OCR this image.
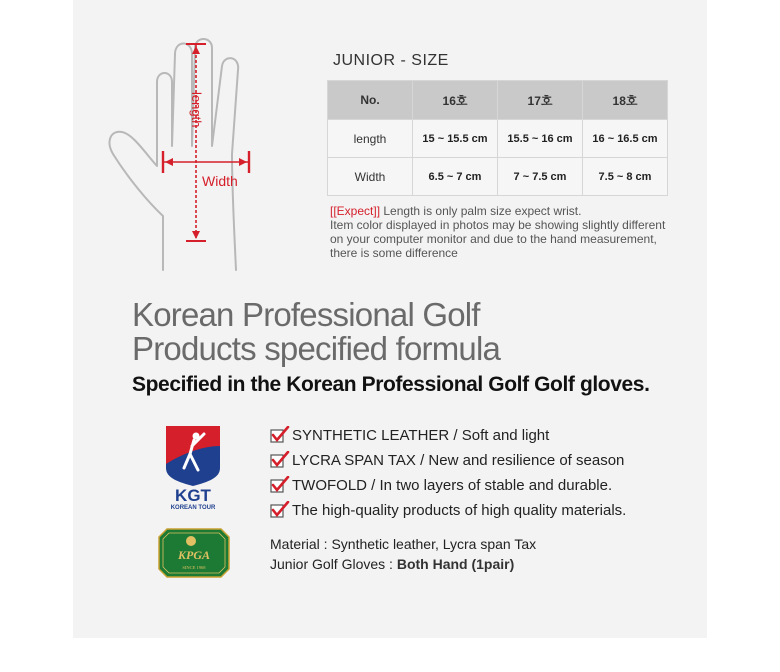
length
Width
JUNIOR - SIZE
No.	16호	17호	18호
length	15 ~ 15.5 cm	15.5 ~ 16 cm	16 ~ 16.5 cm
Width	6.5 ~ 7 cm	7 ~ 7.5 cm	7.5 ~ 8 cm
[[Expect]] Length is only palm size expect wrist.
Item color displayed in photos may be showing slightly different on your computer monitor and due to the hand measurement, there is some difference
Korean Professional Golf
Products specified formula
Specified in the Korean Professional Golf Golf gloves.
KGT
KOREAN TOUR
KPGA
SINCE 1968
SYNTHETIC LEATHER / Soft and light
LYCRA SPAN TAX / New and resilience of season
TWOFOLD / In two layers of stable and durable.
The high-quality products of high quality materials.
Material : Synthetic leather, Lycra span Tax
Junior Golf Gloves : Both Hand (1pair)
